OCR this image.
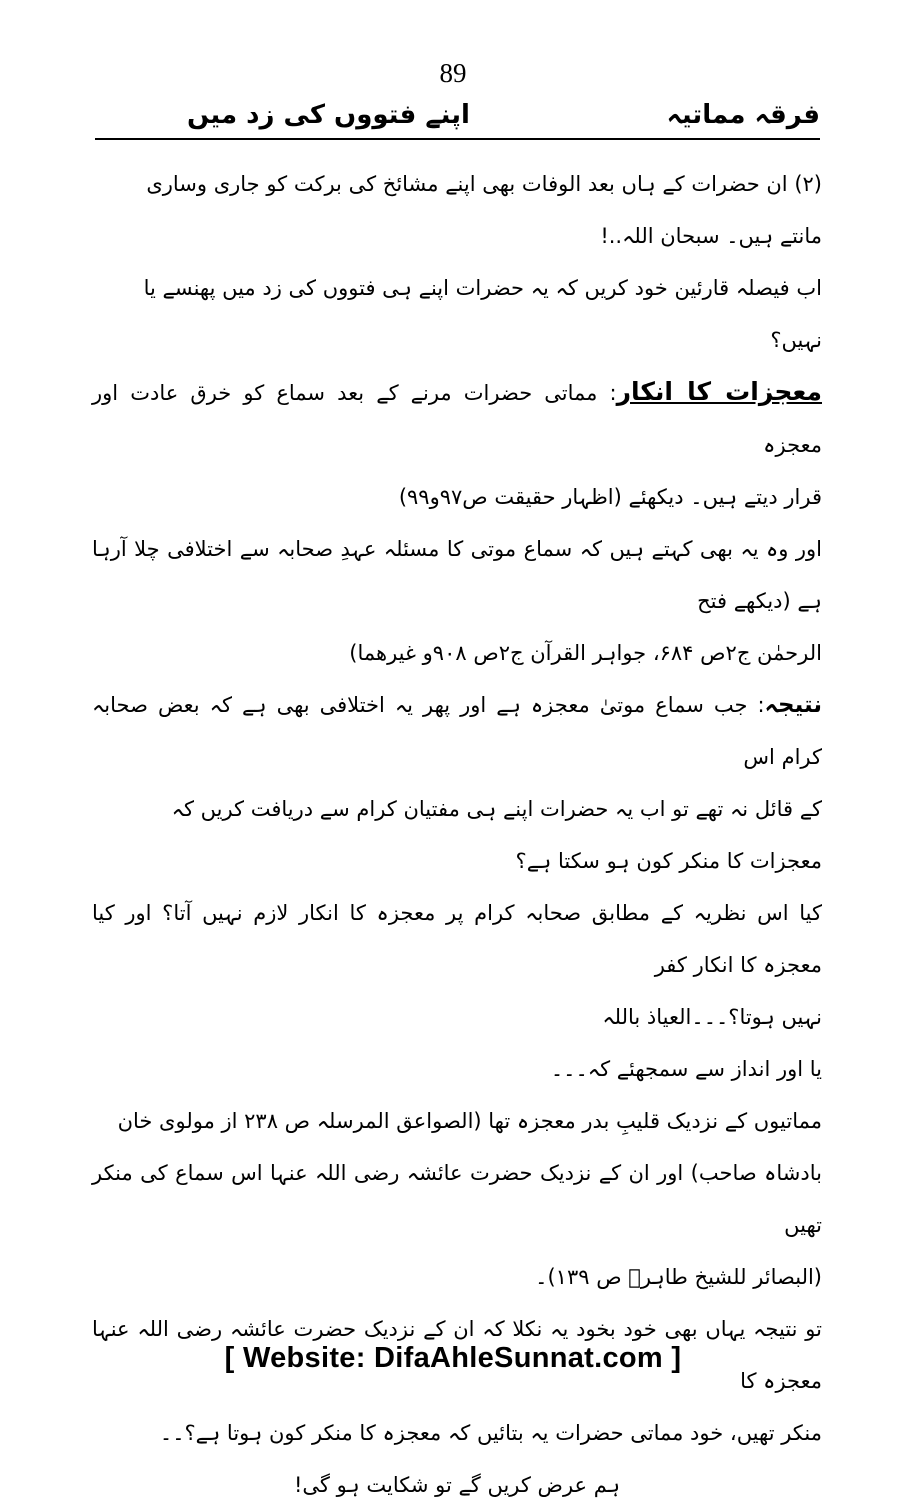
89
فرقہ مماتیہ
اپنے فتووں کی زد میں

(۲) ان حضرات کے ہاں بعد الوفات بھی اپنے مشائخ کی برکت کو جاری وساری

مانتے ہیں۔ سبحان اللہ..!

اب فیصلہ قارئین خود کریں کہ یہ حضرات اپنے ہی فتووں کی زد میں پھنسے یا

نہیں؟

معجزات کا انکار: مماتی حضرات مرنے کے بعد سماع کو خرق عادت اور معجزہ

قرار دیتے ہیں۔ دیکھئے (اظہار حقیقت ص۹۷و۹۹)

اور وہ یہ بھی کہتے ہیں کہ سماع موتی کا مسئلہ عہدِ صحابہ سے اختلافی چلا آرہا ہے (دیکھے فتح

الرحمٰن ج۲ص ۶۸۴، جواہر القرآن ج۲ص ۹۰۸و غیرھما)

نتیجہ: جب سماع موتیٰ معجزہ ہے اور پھر یہ اختلافی بھی ہے کہ بعض صحابہ کرام اس

کے قائل نہ تھے تو اب یہ حضرات اپنے ہی مفتیان کرام سے دریافت کریں کہ

معجزات کا منکر کون ہو سکتا ہے؟

کیا اس نظریہ کے مطابق صحابہ کرام پر معجزہ کا انکار لازم نہیں آتا؟ اور کیا معجزہ کا انکار کفر

نہیں ہوتا؟۔۔۔العیاذ باللہ

یا اور انداز سے سمجھئے کہ۔۔۔

مماتیوں کے نزدیک قلیبِ بدر معجزہ تھا (الصواعق المرسلہ ص ۲۳۸ از مولوی خان

بادشاہ صاحب) اور ان کے نزدیک حضرت عائشہ رضی اللہ عنہا اس سماع کی منکر تھیں

(البصائر للشیخ طاہرؒ ص ۱۳۹)۔

تو نتیجہ یہاں بھی خود بخود یہ نکلا کہ ان کے نزدیک حضرت عائشہ رضی اللہ عنہا معجزہ کا

منکر تھیں، خود مماتی حضرات یہ بتائیں کہ معجزہ کا منکر کون ہوتا ہے؟۔۔

ہم عرض کریں گے تو شکایت ہو گی!

[ Website: DifaAhleSunnat.com ]
